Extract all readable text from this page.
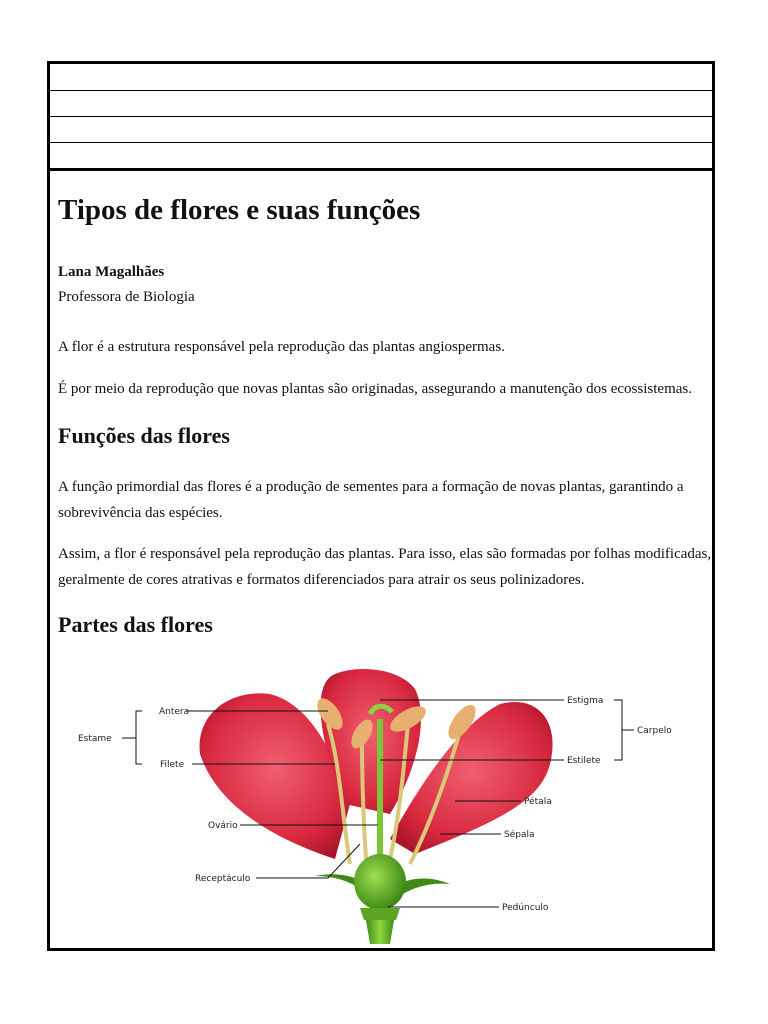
Tipos de flores e suas funções
Lana Magalhães
Professora de Biologia

A flor é a estrutura responsável pela reprodução das plantas angiospermas.

É por meio da reprodução que novas plantas são originadas, assegurando a manutenção dos ecossistemas.

Funções das flores

A função primordial das flores é a produção de sementes para a formação de novas plantas, garantindo a sobrevivência das espécies.

Assim, a flor é responsável pela reprodução das plantas. Para isso, elas são formadas por folhas modificadas, geralmente de cores atrativas e formatos diferenciados para atrair os seus polinizadores.

Partes das flores
Antera
Estame
Filete
Ovário
Receptáculo
Estigma
Carpelo
Estilete
Pétala
Sépala
Pedúnculo
